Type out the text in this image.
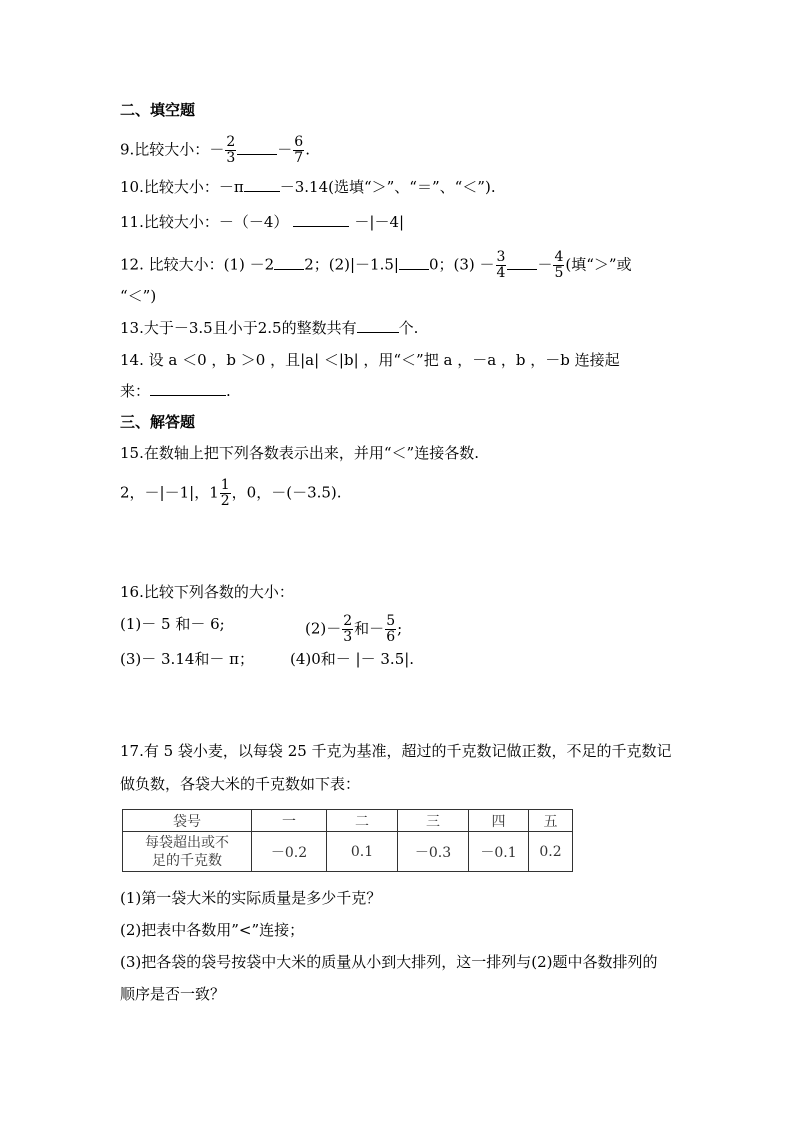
二、填空题
9.比较大小：－ $\frac{2}{3}$	－ $\frac{6}{7}$ .
10.比较大小：－π －3.14(选填“＞”、“＝”、“＜”).
11.比较大小：－（－4）	－|－4|
12. 比较大小：(1) －2 2；(2)|－1.5| 0；$(3) - \frac{3}{4} - \frac{4}{5}$ (填“＞”或
“＜”)
13.大于－3.5且小于2.5的整数共有	个.
14. 设 a ＜0 ，b ＞0 ，且|a| ＜|b| ，用“＜”把 a ，－a ，b ，－b 连接起
来：	.
三、解答题
15.在数轴上把下列各数表示出来，并用“＜”连接各数.
2，－|－1|，$1 \frac{1}{2}$ ，0，－(－3.5).
16.比较下列各数的大小：
(1)－ 5 和－ 6;	$(2)- \frac{2}{3}$ 和－ $\frac{5}{6}$ ;
(3)－ 3.14和－ π； (4)0和－ |－ 3.5|.
17.有 5 袋小麦，以每袋 25 千克为基准，超过的千克数记做正数，不足的千克数记
做负数，各袋大米的千克数如下表：
袋号	一	二	三	四	五
每袋超出或不
足的千克数	－0.2	0.1	－0.3	－0.1	0.2
(1)第一袋大米的实际质量是多少千克？
(2)把表中各数用”<”连接；
(3)把各袋的袋号按袋中大米的质量从小到大排列，这一排列与(2)题中各数排列的
顺序是否一致？
